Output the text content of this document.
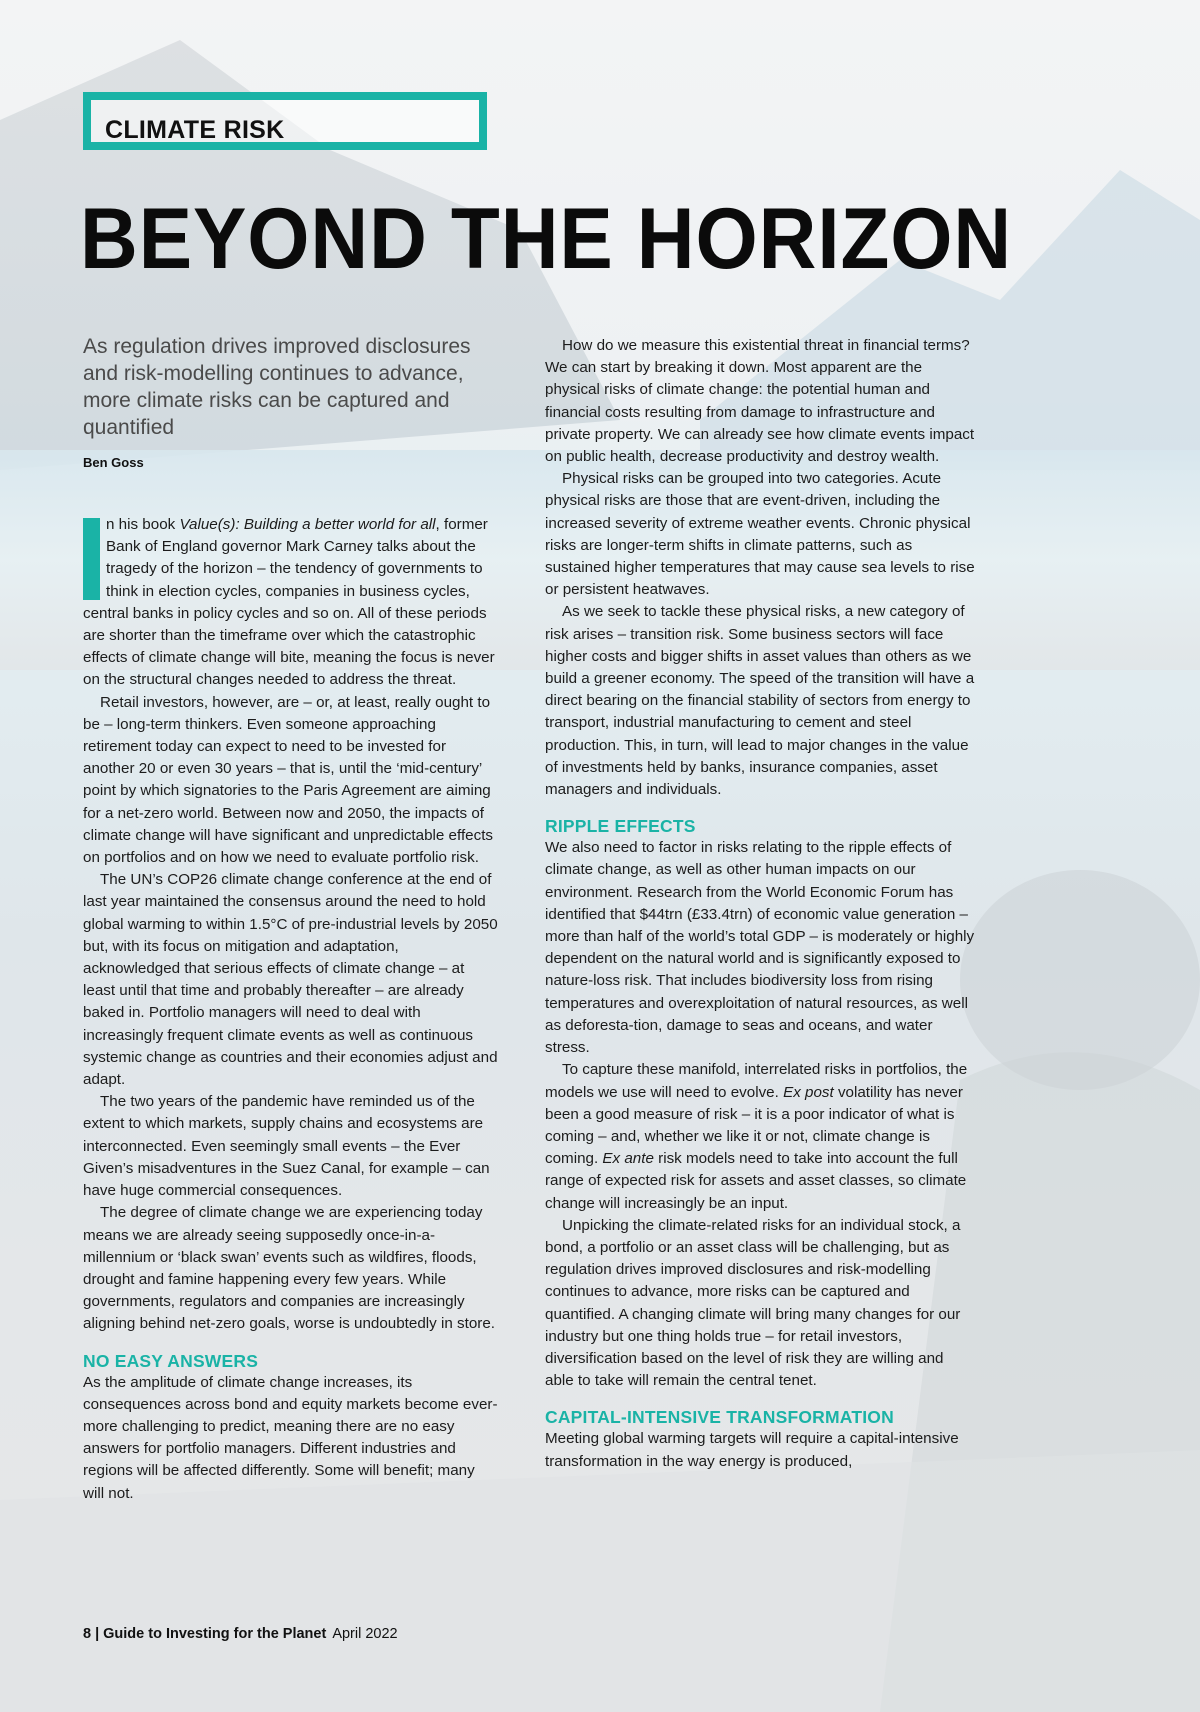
CLIMATE RISK
BEYOND THE HORIZON

As regulation drives improved disclosures and risk-modelling continues to advance, more climate risks can be captured and quantified

Ben Goss

n his book Value(s): Building a better world for all, former Bank of England governor Mark Carney talks about the tragedy of the horizon – the tendency of governments to think in election cycles, companies in business cycles, central banks in policy cycles and so on. All of these periods are shorter than the timeframe over which the catastrophic effects of climate change will bite, meaning the focus is never on the structural changes needed to address the threat.

Retail investors, however, are – or, at least, really ought to be – long-term thinkers. Even someone approaching retirement today can expect to need to be invested for another 20 or even 30 years – that is, until the ‘mid-century’ point by which signatories to the Paris Agreement are aiming for a net-zero world. Between now and 2050, the impacts of climate change will have significant and unpredictable effects on portfolios and on how we need to evaluate portfolio risk.

The UN’s COP26 climate change conference at the end of last year maintained the consensus around the need to hold global warming to within 1.5°C of pre-industrial levels by 2050 but, with its focus on mitigation and adaptation, acknowledged that serious effects of climate change – at least until that time and probably thereafter – are already baked in. Portfolio managers will need to deal with increasingly frequent climate events as well as continuous systemic change as countries and their economies adjust and adapt.

The two years of the pandemic have reminded us of the extent to which markets, supply chains and ecosystems are interconnected. Even seemingly small events – the Ever Given’s misadventures in the Suez Canal, for example – can have huge commercial consequences.

The degree of climate change we are experiencing today means we are already seeing supposedly once-in-a-millennium or ‘black swan’ events such as wildfires, floods, drought and famine happening every few years. While governments, regulators and companies are increasingly aligning behind net-zero goals, worse is undoubtedly in store.

NO EASY ANSWERS

As the amplitude of climate change increases, its consequences across bond and equity markets become ever-more challenging to predict, meaning there are no easy answers for portfolio managers. Different industries and regions will be affected differently. Some will benefit; many will not.

How do we measure this existential threat in financial terms? We can start by breaking it down. Most apparent are the physical risks of climate change: the potential human and financial costs resulting from damage to infrastructure and private property. We can already see how climate events impact on public health, decrease productivity and destroy wealth.

Physical risks can be grouped into two categories. Acute physical risks are those that are event-driven, including the increased severity of extreme weather events. Chronic physical risks are longer-term shifts in climate patterns, such as sustained higher temperatures that may cause sea levels to rise or persistent heatwaves.

As we seek to tackle these physical risks, a new category of risk arises – transition risk. Some business sectors will face higher costs and bigger shifts in asset values than others as we build a greener economy. The speed of the transition will have a direct bearing on the financial stability of sectors from energy to transport, industrial manufacturing to cement and steel production. This, in turn, will lead to major changes in the value of investments held by banks, insurance companies, asset managers and individuals.

RIPPLE EFFECTS

We also need to factor in risks relating to the ripple effects of climate change, as well as other human impacts on our environment. Research from the World Economic Forum has identified that $44trn (£33.4trn) of economic value generation – more than half of the world’s total GDP – is moderately or highly dependent on the natural world and is significantly exposed to nature-loss risk. That includes biodiversity loss from rising temperatures and overexploitation of natural resources, as well as deforesta-tion, damage to seas and oceans, and water stress.

To capture these manifold, interrelated risks in portfolios, the models we use will need to evolve. Ex post volatility has never been a good measure of risk – it is a poor indicator of what is coming – and, whether we like it or not, climate change is coming. Ex ante risk models need to take into account the full range of expected risk for assets and asset classes, so climate change will increasingly be an input.

Unpicking the climate-related risks for an individual stock, a bond, a portfolio or an asset class will be challenging, but as regulation drives improved disclosures and risk-modelling continues to advance, more risks can be captured and quantified. A changing climate will bring many changes for our industry but one thing holds true – for retail investors, diversification based on the level of risk they are willing and able to take will remain the central tenet.

CAPITAL-INTENSIVE TRANSFORMATION

Meeting global warming targets will require a capital-intensive transformation in the way energy is produced,

8 | Guide to Investing for the Planet April 2022
